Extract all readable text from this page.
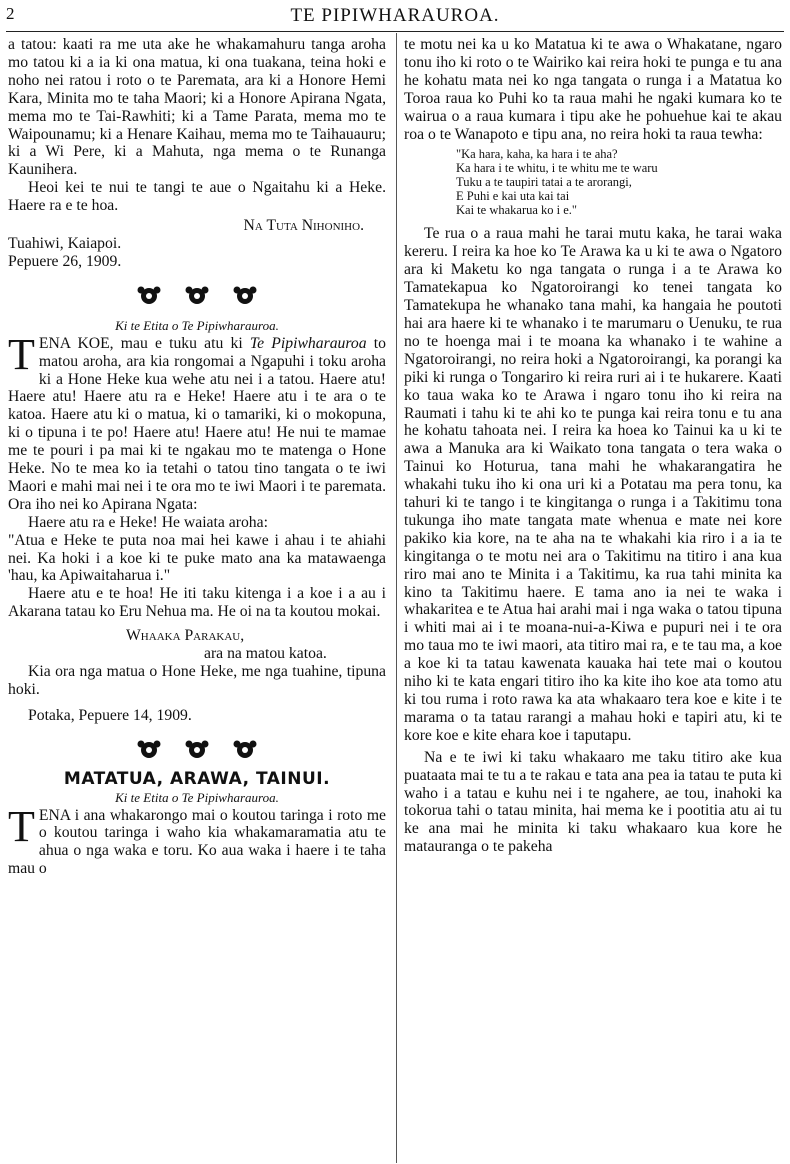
2	TE PIPIWHARAUROA.

a tatou: kaati ra me uta ake he whakamahuru tanga aroha mo tatou ki a ia ki ona matua, ki ona tuakana, teina hoki e noho nei ratou i roto o te Paremata, ara ki a Honore Hemi Kara, Minita mo te taha Maori; ki a Honore Apirana Ngata, mema mo te Tai-Rawhiti; ki a Tame Parata, mema mo te Waipounamu; ki a Henare Kaihau, mema mo te Taihauauru; ki a Wi Pere, ki a Mahuta, nga mema o te Runanga Kaunihera.

Heoi kei te nui te tangi te aue o Ngaitahu ki a Heke. Haere ra e te hoa.

Na Tuta Nihoniho.

Tuahiwi, Kaiapoi.

Pepuere 26, 1909.

Ki te Etita o Te Pipiwharauroa.

TENA KOE, mau e tuku atu ki Te Pipiwharauroa to matou aroha, ara kia rongomai a Ngapuhi i toku aroha ki a Hone Heke kua wehe atu nei i a tatou. Haere atu! Haere atu! Haere atu ra e Heke! Haere atu i te ara o te katoa. Haere atu ki o matua, ki o tamariki, ki o mokopuna, ki o tipuna i te po! Haere atu! Haere atu! He nui te mamae me te pouri i pa mai ki te ngakau mo te matenga o Hone Heke. No te mea ko ia tetahi o tatou tino tangata o te iwi Maori e mahi mai nei i te ora mo te iwi Maori i te paremata. Ora iho nei ko Apirana Ngata:

Haere atu ra e Heke! He waiata aroha:

"Atua e Heke te puta noa mai hei kawe i ahau i te ahiahi nei. Ka hoki i a koe ki te puke mato ana ka matawaenga 'hau, ka Apiwaitaharua i."

Haere atu e te hoa! He iti taku kitenga i a koe i a au i Akarana tatau ko Eru Nehua ma. He oi na ta koutou mokai.

Whaaka Parakau,

ara na matou katoa.

Kia ora nga matua o Hone Heke, me nga tuahine, tipuna hoki.

Potaka, Pepuere 14, 1909.

MATATUA, ARAWA, TAINUI.

Ki te Etita o Te Pipiwharauroa.

TENA i ana whakarongo mai o koutou taringa i roto me o koutou taringa i waho kia whakamaramatia atu te ahua o nga waka e toru. Ko aua waka i haere i te taha mau o

te motu nei ka u ko Matatua ki te awa o Whakatane, ngaro tonu iho ki roto o te Wairiko kai reira hoki te punga e tu ana he kohatu mata nei ko nga tangata o runga i a Matatua ko Toroa raua ko Puhi ko ta raua mahi he ngaki kumara ko te wairua o a raua kumara i tipu ake he pohuehue kai te akau roa o te Wanapoto e tipu ana, no reira hoki ta raua tewha:

"Ka hara, kaha, ka hara i te aha?

Ka hara i te whitu, i te whitu me te waru

Tuku a te taupiri tatai a te arorangi,

E Puhi e kai uta kai tai

Kai te whakarua ko i e."

Te rua o a raua mahi he tarai mutu kaka, he tarai waka kereru. I reira ka hoe ko Te Arawa ka u ki te awa o Ngatoro ara ki Maketu ko nga tangata o runga i a te Arawa ko Tamatekapua ko Ngatoroirangi ko tenei tangata ko Tamatekupa he whanako tana mahi, ka hangaia he poutoti hai ara haere ki te whanako i te marumaru o Uenuku, te rua no te hoenga mai i te moana ka whanako i te wahine a Ngatoroirangi, no reira hoki a Ngatoroirangi, ka porangi ka piki ki runga o Tongariro ki reira ruri ai i te hukarere. Kaati ko taua waka ko te Arawa i ngaro tonu iho ki reira na Raumati i tahu ki te ahi ko te punga kai reira tonu e tu ana he kohatu tahoata nei. I reira ka hoea ko Tainui ka u ki te awa a Manuka ara ki Waikato tona tangata o tera waka o Tainui ko Hoturua, tana mahi he whakarangatira he whakahi tuku iho ki ona uri ki a Potatau ma pera tonu, ka tahuri ki te tango i te kingitanga o runga i a Takitimu tona tukunga iho mate tangata mate whenua e mate nei kore pakiko kia kore, na te aha na te whakahi kia riro i a ia te kingitanga o te motu nei ara o Takitimu na titiro i ana kua riro mai ano te Minita i a Takitimu, ka rua tahi minita ka kino ta Takitimu haere. E tama ano ia nei te waka i whakaritea e te Atua hai arahi mai i nga waka o tatou tipuna i whiti mai ai i te moana-nui-a-Kiwa e pupuri nei i te ora mo taua mo te iwi maori, ata titiro mai ra, e te tau ma, a koe a koe ki ta tatau kawenata kauaka hai tete mai o koutou niho ki te kata engari titiro iho ka kite iho koe ata tomo atu ki tou ruma i roto rawa ka ata whakaaro tera koe e kite i te marama o ta tatau rarangi a mahau hoki e tapiri atu, ki te kore koe e kite ehara koe i taputapu.

Na e te iwi ki taku whakaaro me taku titiro ake kua puataata mai te tu a te rakau e tata ana pea ia tatau te puta ki waho i a tatau e kuhu nei i te ngahere, ae tou, inahoki ka tokorua tahi o tatau minita, hai mema ke i pootitia atu ai tu ke ana mai he minita ki taku whakaaro kua kore he matauranga o te pakeha
